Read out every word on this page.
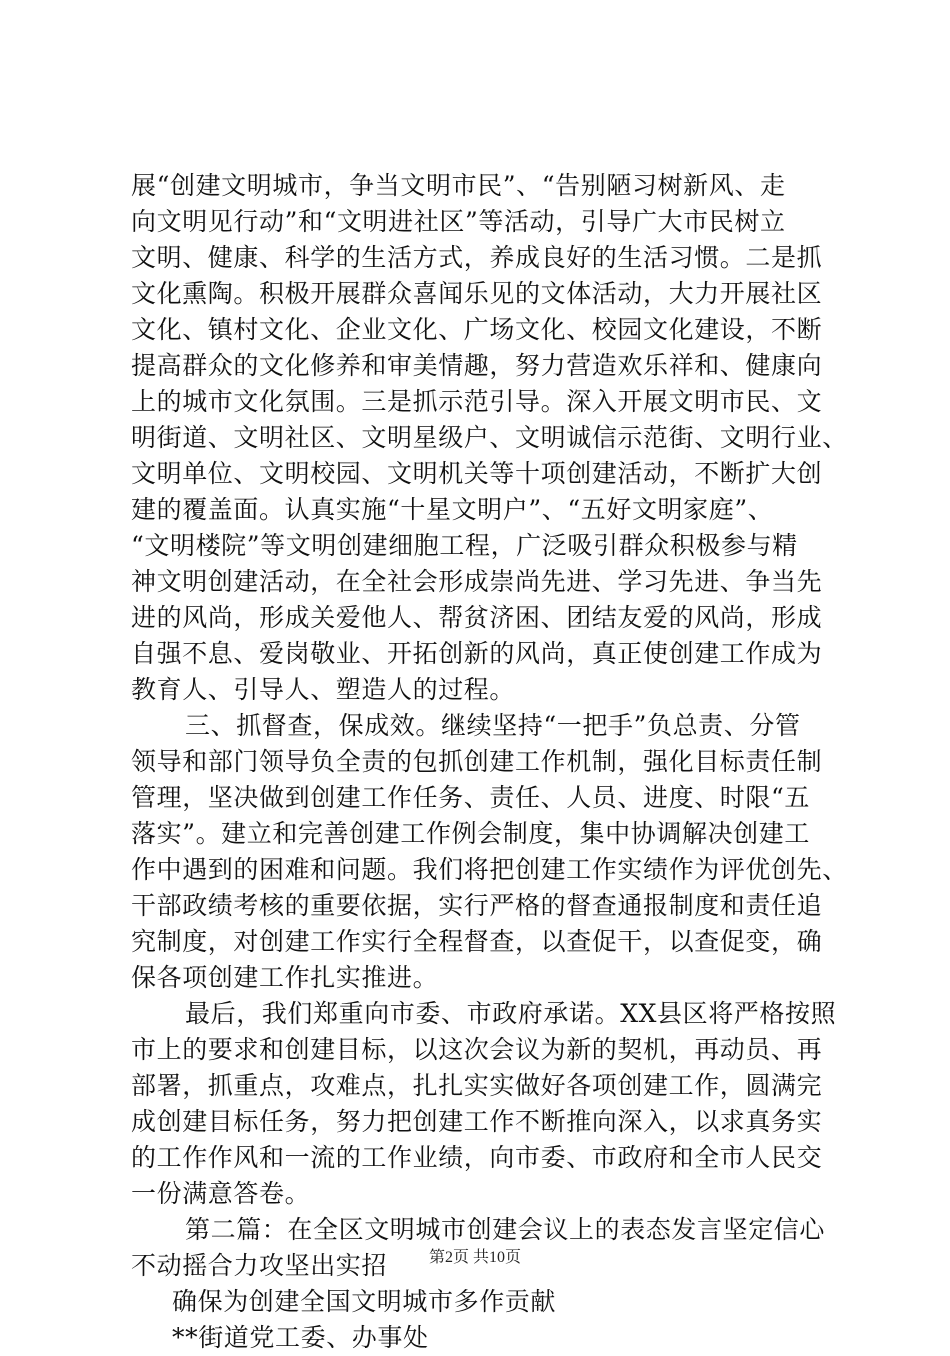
展“创建文明城市，争当文明市民”、“告别陋习树新风、走
向文明见行动”和“文明进社区”等活动，引导广大市民树立
文明、健康、科学的生活方式，养成良好的生活习惯。二是抓
文化熏陶。积极开展群众喜闻乐见的文体活动，大力开展社区
文化、镇村文化、企业文化、广场文化、校园文化建设，不断
提高群众的文化修养和审美情趣，努力营造欢乐祥和、健康向
上的城市文化氛围。三是抓示范引导。深入开展文明市民、文
明街道、文明社区、文明星级户、文明诚信示范街、文明行业、
文明单位、文明校园、文明机关等十项创建活动，不断扩大创
建的覆盖面。认真实施“十星文明户”、“五好文明家庭”、
“文明楼院”等文明创建细胞工程，广泛吸引群众积极参与精
神文明创建活动，在全社会形成崇尚先进、学习先进、争当先
进的风尚，形成关爱他人、帮贫济困、团结友爱的风尚，形成
自强不息、爱岗敬业、开拓创新的风尚，真正使创建工作成为
教育人、引导人、塑造人的过程。
三、抓督查，保成效。继续坚持“一把手”负总责、分管
领导和部门领导负全责的包抓创建工作机制，强化目标责任制
管理，坚决做到创建工作任务、责任、人员、进度、时限“五
落实”。建立和完善创建工作例会制度，集中协调解决创建工
作中遇到的困难和问题。我们将把创建工作实绩作为评优创先、
干部政绩考核的重要依据，实行严格的督查通报制度和责任追
究制度，对创建工作实行全程督查，以查促干，以查促变，确
保各项创建工作扎实推进。
最后，我们郑重向市委、市政府承诺。XX县区将严格按照
市上的要求和创建目标，以这次会议为新的契机，再动员、再
部署，抓重点，攻难点，扎扎实实做好各项创建工作，圆满完
成创建目标任务，努力把创建工作不断推向深入，以求真务实
的工作作风和一流的工作业绩，向市委、市政府和全市人民交
一份满意答卷。
第二篇：在全区文明城市创建会议上的表态发言坚定信心
不动摇合力攻坚出实招
确保为创建全国文明城市多作贡献
**街道党工委、办事处
第2页 共10页
